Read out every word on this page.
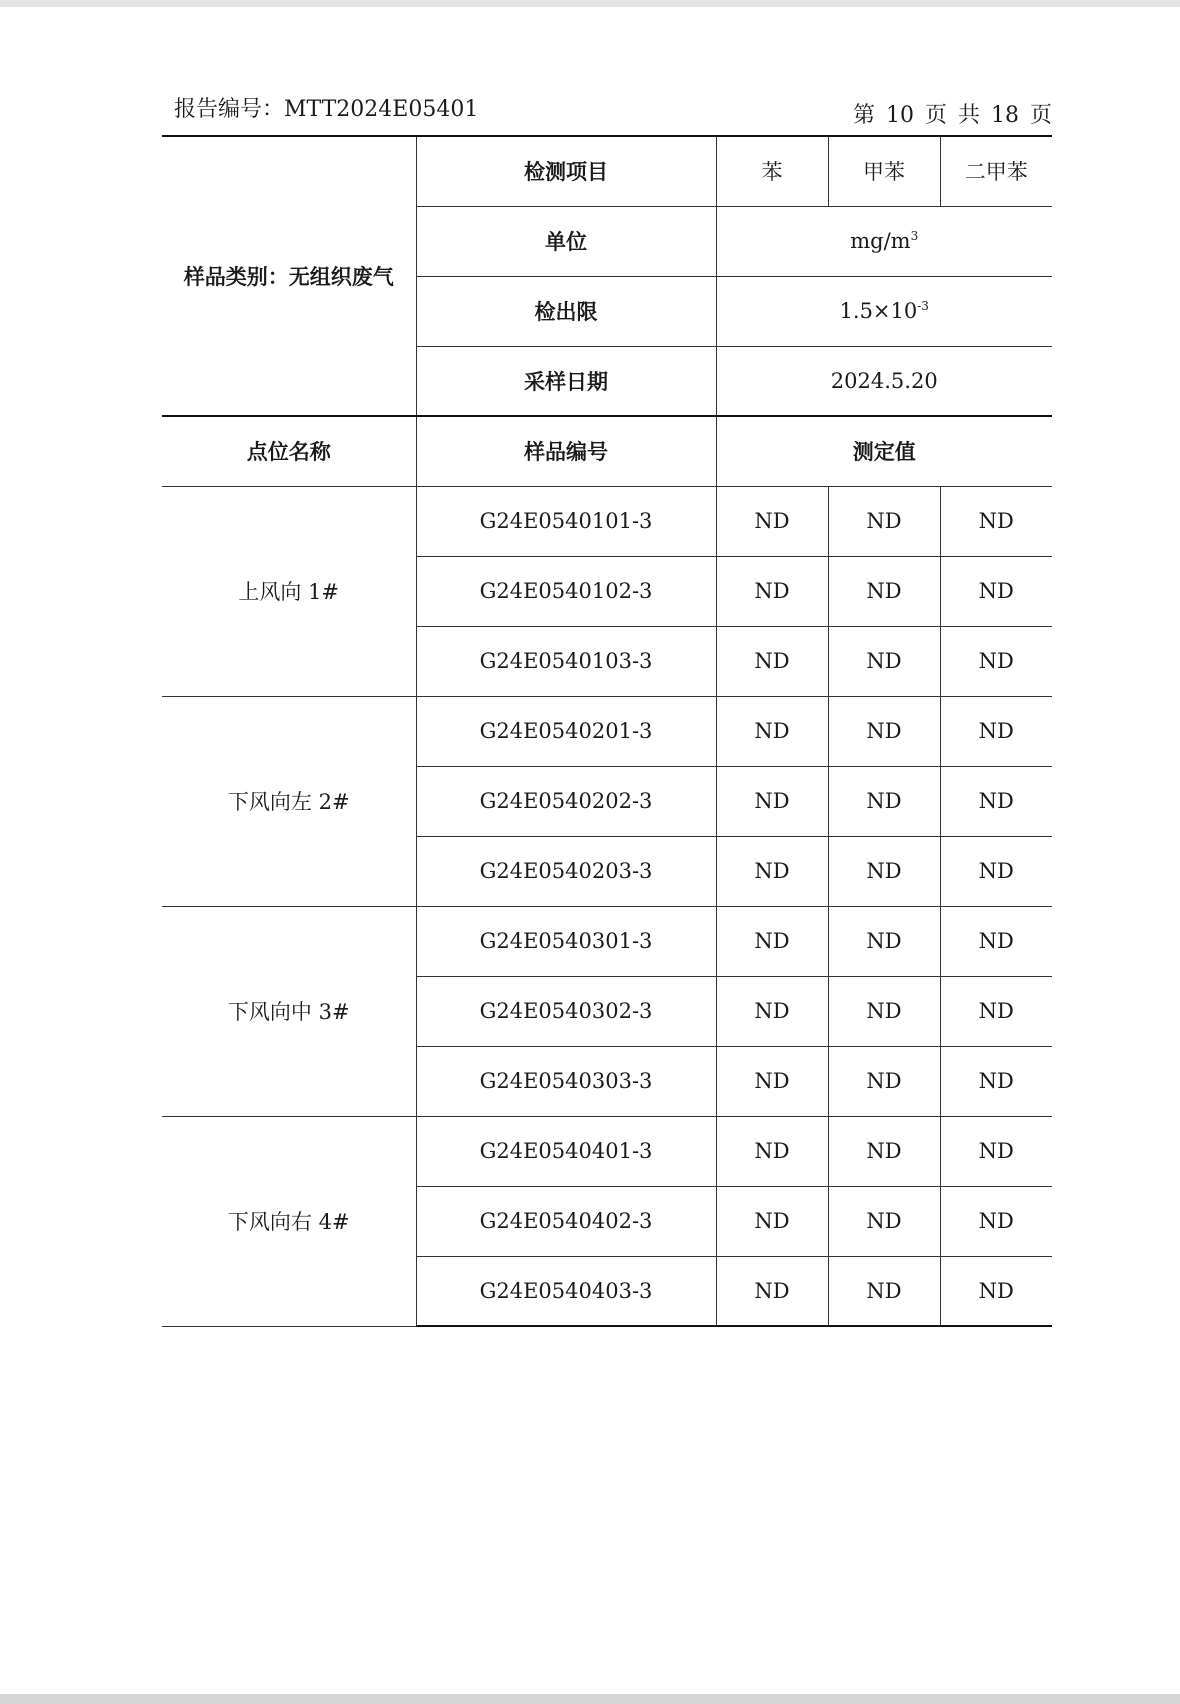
报告编号：MTT2024E05401	第 10 页 共 18 页
样品类别：无组织废气	检测项目	苯	甲苯	二甲苯
	单位	$mg/m^3$
	检出限	$1.5\times 10^{-3}$
	采样日期	2024.5.20		
点位名称	样品编号	测定值		
上风向 1#	G24E0540101-3	ND	ND	ND
	G24E0540102-3	ND	ND	ND
	G24E0540103-3	ND	ND	ND
下风向左 2#	G24E0540201-3	ND	ND	ND
	G24E0540202-3	ND	ND	ND
	G24E0540203-3	ND	ND	ND
下风向中 3#	G24E0540301-3	ND	ND	ND
	G24E0540302-3	ND	ND	ND
	G24E0540303-3	ND	ND	ND
下风向右 4#	G24E0540401-3	ND	ND	ND
	G24E0540402-3	ND	ND	ND
	G24E0540403-3	ND	ND	ND
